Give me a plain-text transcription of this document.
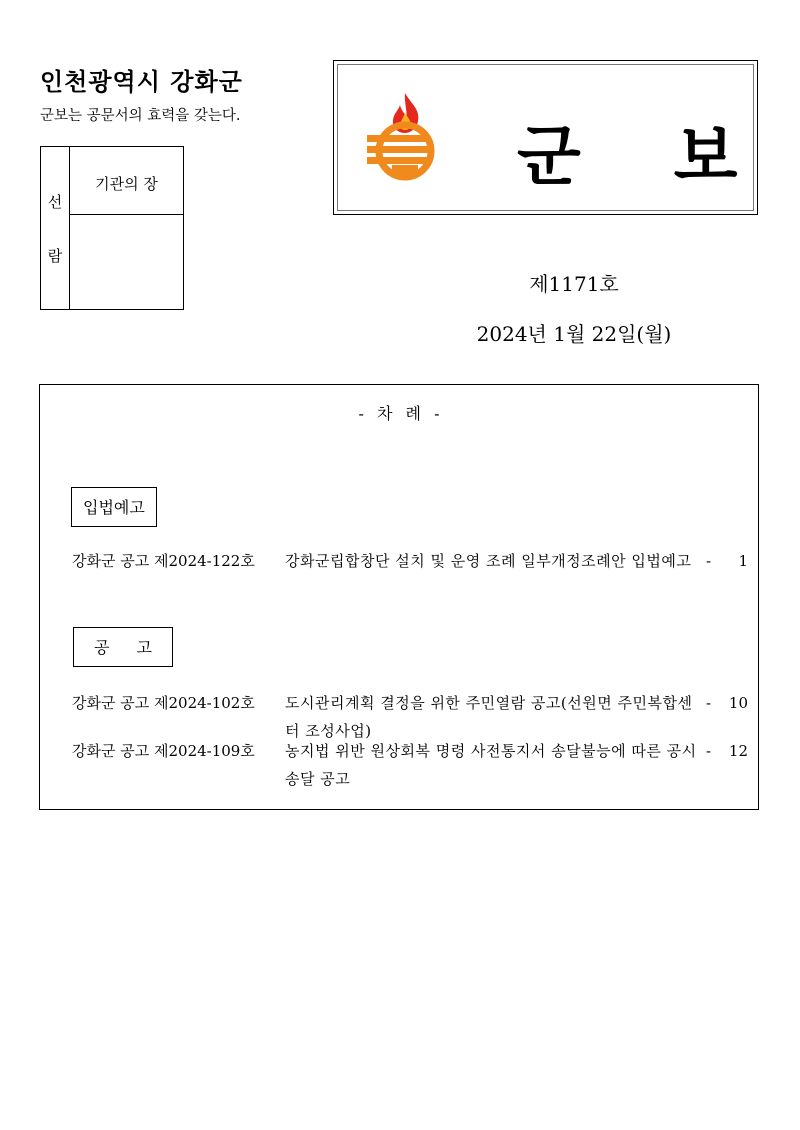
인천광역시 강화군
군보는 공문서의 효력을 갖는다.
선
람
기관의 장	군 보
제1171호
2024년 1월 22일(월)
- 차 례 -
입법예고
강화군 공고 제2024-122호 강화군립합창단 설치 및 운영 조례 일부개정조례안 입법예고 - 1
공 고
강화군 공고 제2024-102호 도시관리계획 결정을 위한 주민열람 공고(선원면 주민복합센터 조성사업)
- 10
강화군 공고 제2024-109호 농지법 위반 원상회복 명령 사전통지서 송달불능에 따른 공시송달 공고
- 12
